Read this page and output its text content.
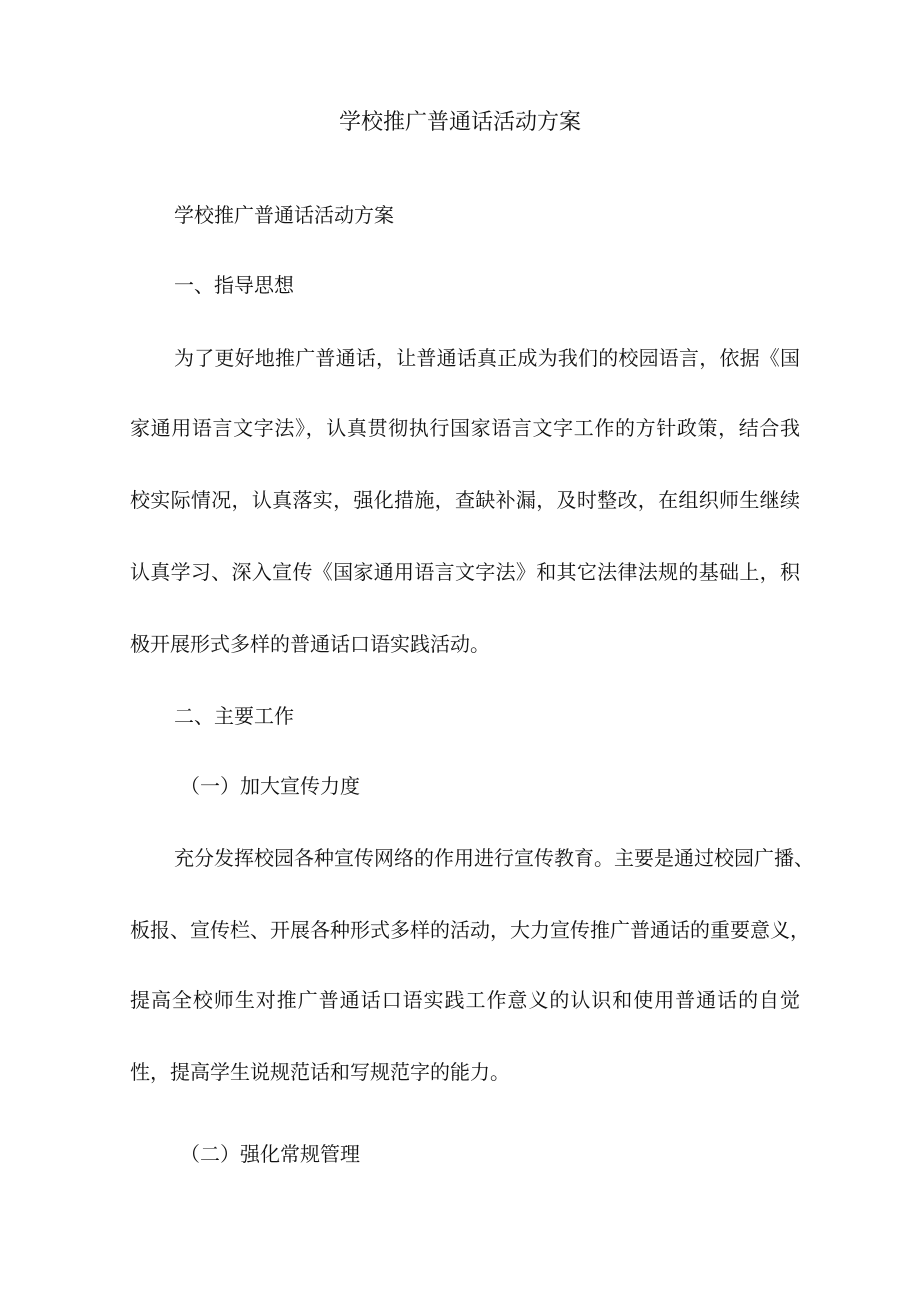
学校推广普通话活动方案
学校推广普通话活动方案
一、指导思想
为了更好地推广普通话，让普通话真正成为我们的校园语言，依据《国
家通用语言文字法》，认真贯彻执行国家语言文字工作的方针政策，结合我
校实际情况，认真落实，强化措施，查缺补漏，及时整改，在组织师生继续
认真学习、深入宣传《国家通用语言文字法》和其它法律法规的基础上，积
极开展形式多样的普通话口语实践活动。
二、主要工作
（一）加大宣传力度
充分发挥校园各种宣传网络的作用进行宣传教育。主要是通过校园广播、
板报、宣传栏、开展各种形式多样的活动，大力宣传推广普通话的重要意义，
提高全校师生对推广普通话口语实践工作意义的认识和使用普通话的自觉
性，提高学生说规范话和写规范字的能力。
（二）强化常规管理
